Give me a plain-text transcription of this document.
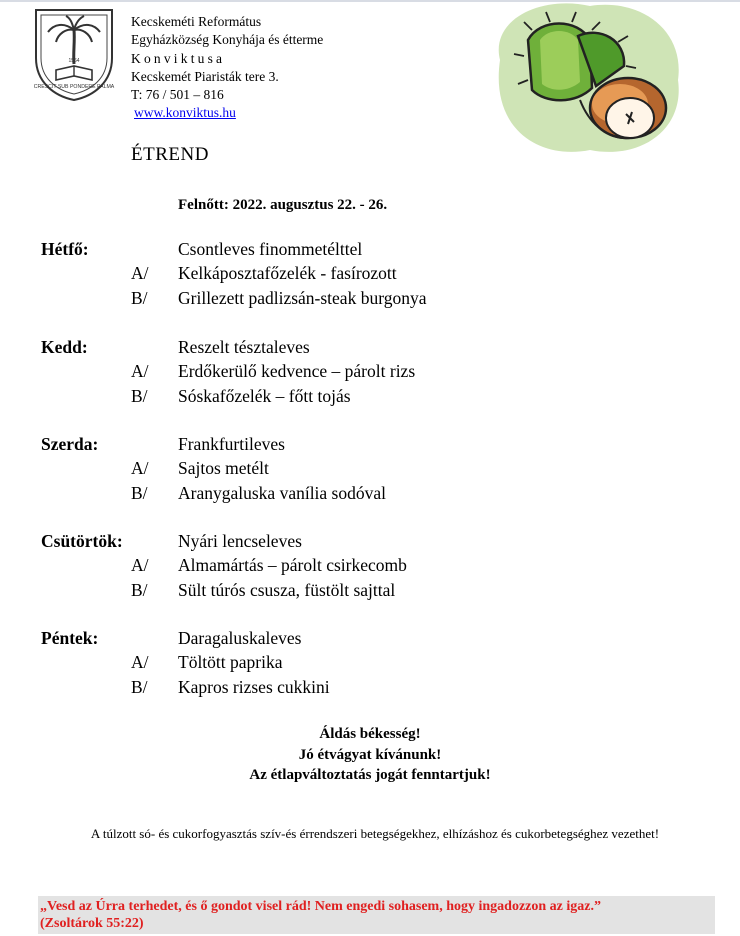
CRESCIT SUB PONDERE PALMA
1564
Kecskeméti Református
Egyházközség Konyhája és étterme
Konviktusa
Kecskemét Piaristák tere 3.
T: 76 / 501 – 816
www.konviktus.hu
ÉTREND
Felnőtt: 2022. augusztus 22. - 26.
Hétfő:	Csontleves finommetélttel
A/ Kelkáposztafőzelék - fasírozott
B/ Grillezett padlizsán-steak burgonya
Kedd:	Reszelt tésztaleves
A/ Erdőkerülő kedvence – párolt rizs
B/ Sóskafőzelék – főtt tojás
Szerda:	Frankfurtileves
A/ Sajtos metélt
B/ Aranygaluska vanília sodóval
Csütörtök:	Nyári lencseleves
A/ Almamártás – párolt csirkecomb
B/ Sült túrós csusza, füstölt sajttal
Péntek:	Daragaluskaleves
A/ Töltött paprika
B/ Kapros rizses cukkini
Áldás békesség!
Jó étvágyat kívánunk!
Az étlapváltoztatás jogát fenntartjuk!
A túlzott só- és cukorfogyasztás szív-és érrendszeri betegségekhez, elhízáshoz és cukorbetegséghez vezethet!
„Vesd az Úrra terhedet, és ő gondot visel rád! Nem engedi sohasem, hogy ingadozzon az igaz.”
(Zsoltárok 55:22)
